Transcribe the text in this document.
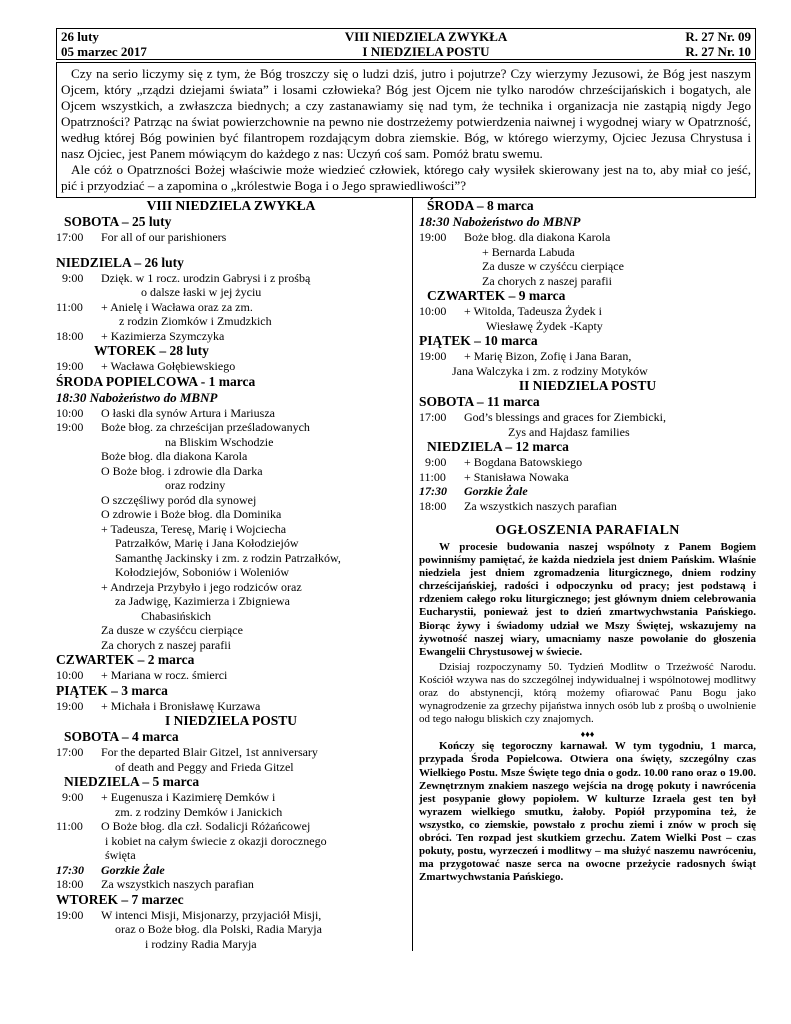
26 luty	VIII NIEDZIELA ZWYKŁA	R. 27 Nr. 09
05 marzec 2017	I NIEDZIELA POSTU	R. 27 Nr. 10

Czy na serio liczymy się z tym, że Bóg troszczy się o ludzi dziś, jutro i pojutrze? Czy wierzymy Jezusowi, że Bóg jest naszym Ojcem, który „rządzi dziejami świata” i losami człowieka? Bóg jest Ojcem nie tylko narodów chrześcijańskich i bogatych, ale Ojcem wszystkich, a zwłaszcza biednych; a czy zastanawiamy się nad tym, że technika i organizacja nie zastąpią nigdy Jego Opatrzności? Patrząc na świat powierzchownie na pewno nie dostrzeżemy potwierdzenia naiwnej i wygodnej wiary w Opatrzność, według której Bóg powinien być filantropem rozdającym dobra ziemskie. Bóg, w którego wierzymy, Ojciec Jezusa Chrystusa i nasz Ojciec, jest Panem mówiącym do każdego z nas: Uczyń coś sam. Pomóż bratu swemu.

Ale cóż o Opatrzności Bożej właściwie może wiedzieć człowiek, którego cały wysiłek skierowany jest na to, aby miał co jeść, pić i przyodziać – a zapomina o „królestwie Boga i o Jego sprawiedliwości”?

VIII NIEDZIELA ZWYKŁA
SOBOTA – 25 luty
17:00	For all of our parishioners
NIEDZIELA – 26 luty
9:00	Dzięk. w 1 rocz. urodzin Gabrysi i z prośbą
o dalsze łaski w jej życiu
11:00	+ Anielę i Wacława oraz za zm.
z rodzin Ziomków i Zmudzkich
18:00	+ Kazimierza Szymczyka
WTOREK – 28 luty
19:00	+ Wacława Gołębiewskiego
ŚRODA POPIELCOWA - 1 marca
18:30 Nabożeństwo do MBNP
10:00	O łaski dla synów Artura i Mariusza
19:00	Boże błog. za chrześcijan prześladowanych
na Bliskim Wschodzie
Boże błog. dla diakona Karola
O Boże błog. i zdrowie dla Darka
oraz rodziny
O szczęśliwy poród dla synowej
O zdrowie i Boże błog. dla Dominika
+ Tadeusza, Teresę, Marię i Wojciecha
Patrzałków, Marię i Jana Kołodziejów
Samanthę Jackinsky i zm. z rodzin Patrzałków,
Kołodziejów, Soboniów i Woleniów
+ Andrzeja Przybyło i jego rodziców oraz
za Jadwigę, Kazimierza i Zbigniewa
Chabasińskich
Za dusze w czyśćcu cierpiące
Za chorych z naszej parafii
CZWARTEK – 2 marca
10:00	+ Mariana w rocz. śmierci
PIĄTEK – 3 marca
19:00	+ Michała i Bronisławę Kurzawa
I NIEDZIELA POSTU
SOBOTA – 4 marca
17:00	For the departed Blair Gitzel, 1st anniversary
of death and Peggy and Frieda Gitzel
NIEDZIELA – 5 marca
9:00	+ Eugenusza i Kazimierę Demków i
zm. z rodziny Demków i Janickich
11:00	O Boże błog. dla czł. Sodalicji Różańcowej
i kobiet na całym świecie z okazji dorocznego
święta
17:30	Gorzkie Żale
18:00	Za wszystkich naszych parafian
WTOREK – 7 marzec
19:00	W intenci Misji, Misjonarzy, przyjaciół Misji,
oraz o Boże błog. dla Polski, Radia Maryja
i rodziny Radia Maryja
ŚRODA – 8 marca
18:30 Nabożeństwo do MBNP
19:00	Boże błog. dla diakona Karola
+ Bernarda Labuda
Za dusze w czyśćcu cierpiące
Za chorych z naszej parafii
CZWARTEK – 9 marca
10:00	+ Witolda, Tadeusza Żydek i
Wiesławę Żydek -Kapty
PIĄTEK – 10 marca
19:00	+ Marię Bizon, Zofię i Jana Baran,
Jana Walczyka i zm. z rodziny Motyków
II NIEDZIELA POSTU
SOBOTA – 11 marca
17:00	God’s blessings and graces for Ziembicki,
Zys and Hajdasz families
NIEDZIELA – 12 marca
9:00	+ Bogdana Batowskiego
11:00	+ Stanisława Nowaka
17:30	Gorzkie Żale
18:00	Za wszystkich naszych parafian
OGŁOSZENIA PARAFIALN

W procesie budowania naszej wspólnoty z Panem Bogiem powinniśmy pamiętać, że każda niedziela jest dniem Pańskim. Właśnie niedziela jest dniem zgromadzenia liturgicznego, dniem rodziny chrześcijańskiej, radości i odpoczynku od pracy; jest podstawą i rdzeniem całego roku liturgicznego; jest głównym dniem celebrowania Eucharystii, ponieważ jest to dzień zmartwychwstania Pańskiego. Biorąc żywy i świadomy udział we Mszy Świętej, wskazujemy na żywotność naszej wiary, umacniamy nasze powołanie do głoszenia Ewangelii Chrystusowej w świecie.

Dzisiaj rozpoczynamy 50. Tydzień Modlitw o Trzeźwość Narodu. Kościół wzywa nas do szczególnej indywidualnej i wspólnotowej modlitwy oraz do abstynencji, którą możemy ofiarować Panu Bogu jako wynagrodzenie za grzechy pijaństwa innych osób lub z prośbą o uwolnienie od tego nałogu bliskich czy znajomych.

♦♦♦

Kończy się tegoroczny karnawał. W tym tygodniu, 1 marca, przypada Środa Popielcowa. Otwiera ona święty, szczególny czas Wielkiego Postu. Msze Święte tego dnia o godz. 10.00 rano oraz o 19.00. Zewnętrznym znakiem naszego wejścia na drogę pokuty i nawrócenia jest posypanie głowy popiołem. W kulturze Izraela gest ten był wyrazem wielkiego smutku, żałoby. Popiół przypomina też, że wszystko, co ziemskie, powstało z prochu ziemi i znów w proch się obróci. Ten rozpad jest skutkiem grzechu. Zatem Wielki Post – czas pokuty, postu, wyrzeczeń i modlitwy – ma służyć naszemu nawróceniu, ma przygotować nasze serca na owocne przeżycie radosnych świąt Zmartwychwstania Pańskiego.
